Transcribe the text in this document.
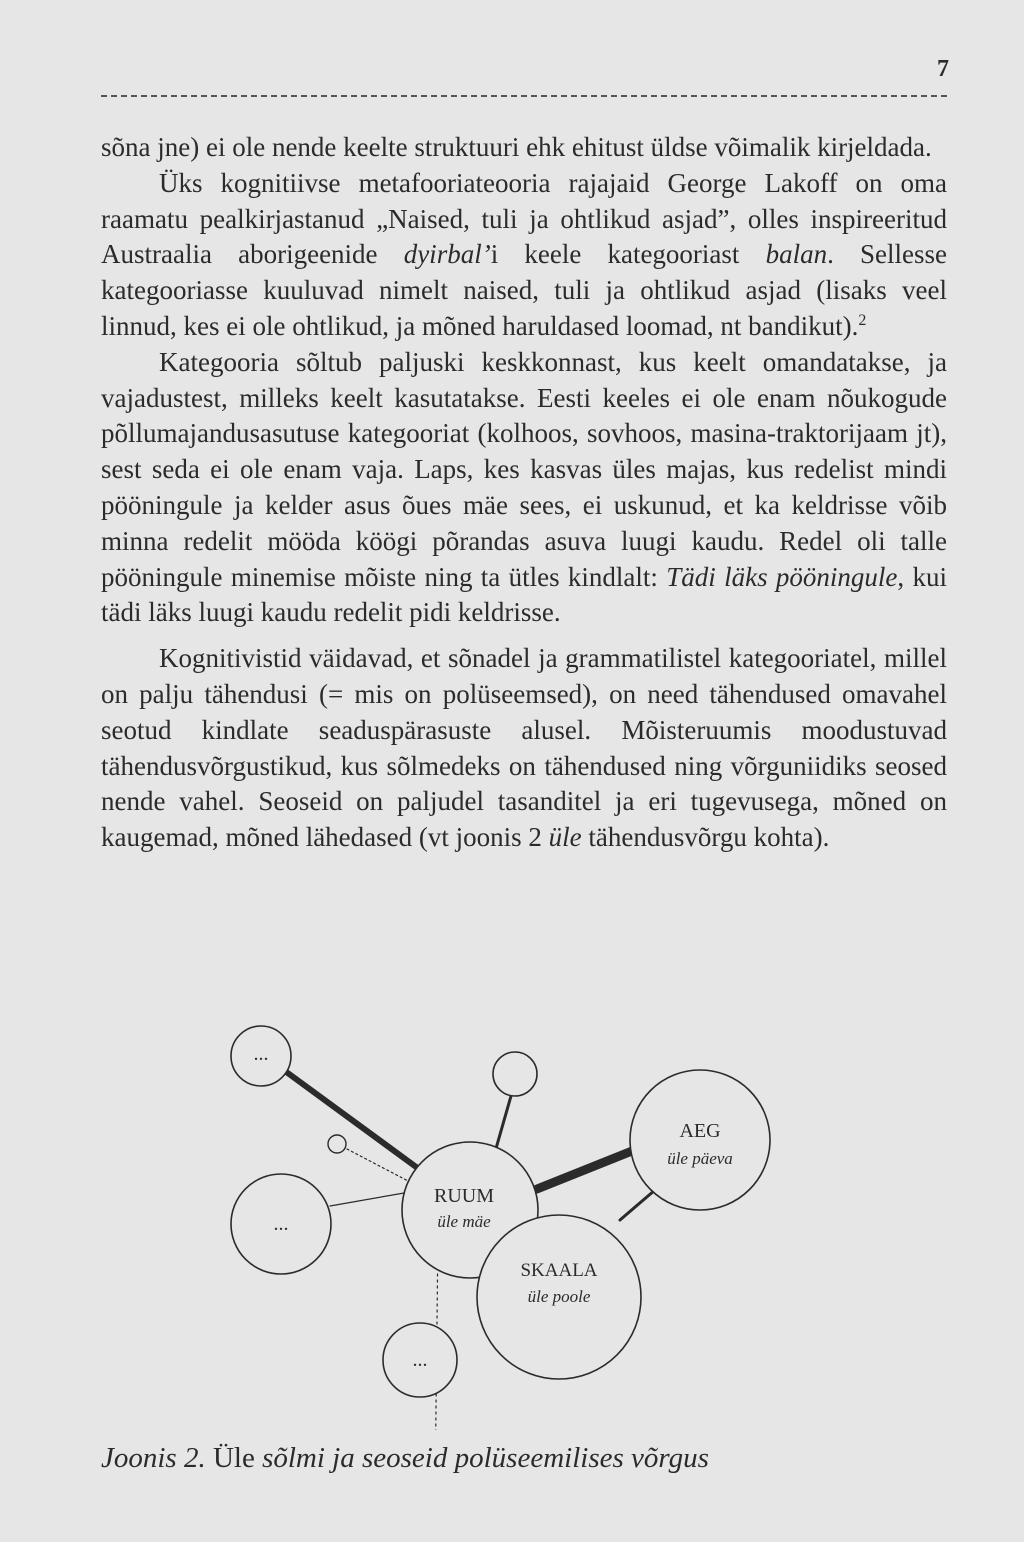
7

sõna jne) ei ole nende keelte struktuuri ehk ehitust üldse võimalik kirjeldada.

Üks kognitiivse metafooriateooria rajajaid George Lakoff on oma raamatu pealkirjastanud „Naised, tuli ja ohtlikud asjad”, olles inspireeritud Austraalia aborigeenide dyirbal’i keele kategooriast balan. Sellesse kategooriasse kuuluvad nimelt naised, tuli ja ohtlikud asjad (lisaks veel linnud, kes ei ole ohtlikud, ja mõned haruldased loomad, nt bandikut).$^2$

Kategooria sõltub paljuski keskkonnast, kus keelt omandatakse, ja vajadustest, milleks keelt kasutatakse. Eesti keeles ei ole enam nõukogude põllumajandusasutuse kategooriat (kolhoos, sovhoos, masina-traktorijaam jt), sest seda ei ole enam vaja. Laps, kes kasvas üles majas, kus redelist mindi pööningule ja kelder asus õues mäe sees, ei uskunud, et ka keldrisse võib minna redelit mööda köögi põrandas asuva luugi kaudu. Redel oli talle pööningule minemise mõiste ning ta ütles kindlalt: Tädi läks pööningule, kui tädi läks luugi kaudu redelit pidi keldrisse.

Kognitivistid väidavad, et sõnadel ja grammatilistel kategooriatel, millel on palju tähendusi (= mis on polüseemsed), on need tähendused omavahel seotud kindlate seaduspärasuste alusel. Mõisteruumis moodustuvad tähendusvõrgustikud, kus sõlmedeks on tähendused ning võrguniidiks seosed nende vahel. Seoseid on paljudel tasanditel ja eri tugevusega, mõned on kaugemad, mõned lähedased (vt joonis 2 üle tähendusvõrgu kohta).

...
...
...
AEG
üle päeva
RUUM
üle mäe
SKAALA
üle poole
Joonis 2. Üle sõlmi ja seoseid polüseemilises võrgus
